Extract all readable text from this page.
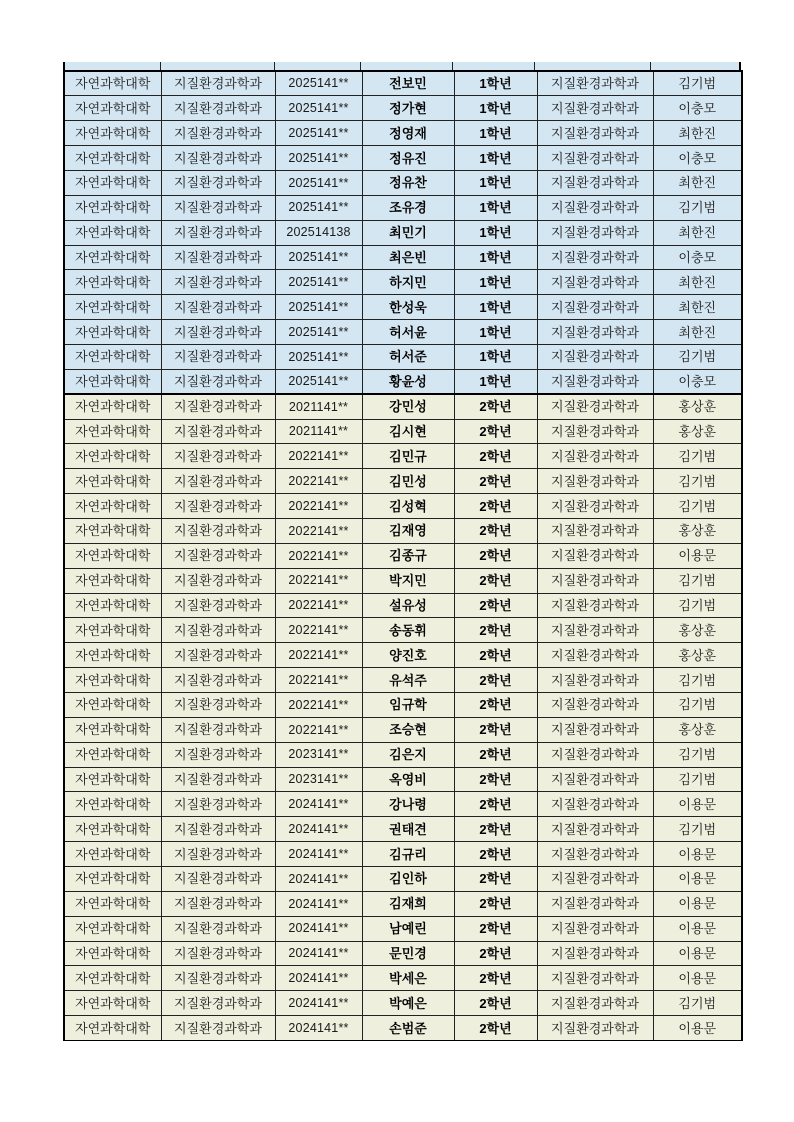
자연과학대학	지질환경과학과	2025141**	전보민	1학년	지질환경과학과	김기범
자연과학대학	지질환경과학과	2025141**	정가현	1학년	지질환경과학과	이충모
자연과학대학	지질환경과학과	2025141**	정영재	1학년	지질환경과학과	최한진
자연과학대학	지질환경과학과	2025141**	정유진	1학년	지질환경과학과	이충모
자연과학대학	지질환경과학과	2025141**	정유찬	1학년	지질환경과학과	최한진
자연과학대학	지질환경과학과	2025141**	조유경	1학년	지질환경과학과	김기범
자연과학대학	지질환경과학과	202514138	최민기	1학년	지질환경과학과	최한진
자연과학대학	지질환경과학과	2025141**	최은빈	1학년	지질환경과학과	이충모
자연과학대학	지질환경과학과	2025141**	하지민	1학년	지질환경과학과	최한진
자연과학대학	지질환경과학과	2025141**	한성욱	1학년	지질환경과학과	최한진
자연과학대학	지질환경과학과	2025141**	허서윤	1학년	지질환경과학과	최한진
자연과학대학	지질환경과학과	2025141**	허서준	1학년	지질환경과학과	김기범
자연과학대학	지질환경과학과	2025141**	황윤성	1학년	지질환경과학과	이충모
자연과학대학	지질환경과학과	2021141**	강민성	2학년	지질환경과학과	홍상훈
자연과학대학	지질환경과학과	2021141**	김시현	2학년	지질환경과학과	홍상훈
자연과학대학	지질환경과학과	2022141**	김민규	2학년	지질환경과학과	김기범
자연과학대학	지질환경과학과	2022141**	김민성	2학년	지질환경과학과	김기범
자연과학대학	지질환경과학과	2022141**	김성혁	2학년	지질환경과학과	김기범
자연과학대학	지질환경과학과	2022141**	김재영	2학년	지질환경과학과	홍상훈
자연과학대학	지질환경과학과	2022141**	김종규	2학년	지질환경과학과	이용문
자연과학대학	지질환경과학과	2022141**	박지민	2학년	지질환경과학과	김기범
자연과학대학	지질환경과학과	2022141**	설유성	2학년	지질환경과학과	김기범
자연과학대학	지질환경과학과	2022141**	송동휘	2학년	지질환경과학과	홍상훈
자연과학대학	지질환경과학과	2022141**	양진호	2학년	지질환경과학과	홍상훈
자연과학대학	지질환경과학과	2022141**	유석주	2학년	지질환경과학과	김기범
자연과학대학	지질환경과학과	2022141**	임규학	2학년	지질환경과학과	김기범
자연과학대학	지질환경과학과	2022141**	조승현	2학년	지질환경과학과	홍상훈
자연과학대학	지질환경과학과	2023141**	김은지	2학년	지질환경과학과	김기범
자연과학대학	지질환경과학과	2023141**	옥영비	2학년	지질환경과학과	김기범
자연과학대학	지질환경과학과	2024141**	강나령	2학년	지질환경과학과	이용문
자연과학대학	지질환경과학과	2024141**	권태견	2학년	지질환경과학과	김기범
자연과학대학	지질환경과학과	2024141**	김규리	2학년	지질환경과학과	이용문
자연과학대학	지질환경과학과	2024141**	김인하	2학년	지질환경과학과	이용문
자연과학대학	지질환경과학과	2024141**	김재희	2학년	지질환경과학과	이용문
자연과학대학	지질환경과학과	2024141**	남예린	2학년	지질환경과학과	이용문
자연과학대학	지질환경과학과	2024141**	문민경	2학년	지질환경과학과	이용문
자연과학대학	지질환경과학과	2024141**	박세은	2학년	지질환경과학과	이용문
자연과학대학	지질환경과학과	2024141**	박예은	2학년	지질환경과학과	김기범
자연과학대학	지질환경과학과	2024141**	손범준	2학년	지질환경과학과	이용문
